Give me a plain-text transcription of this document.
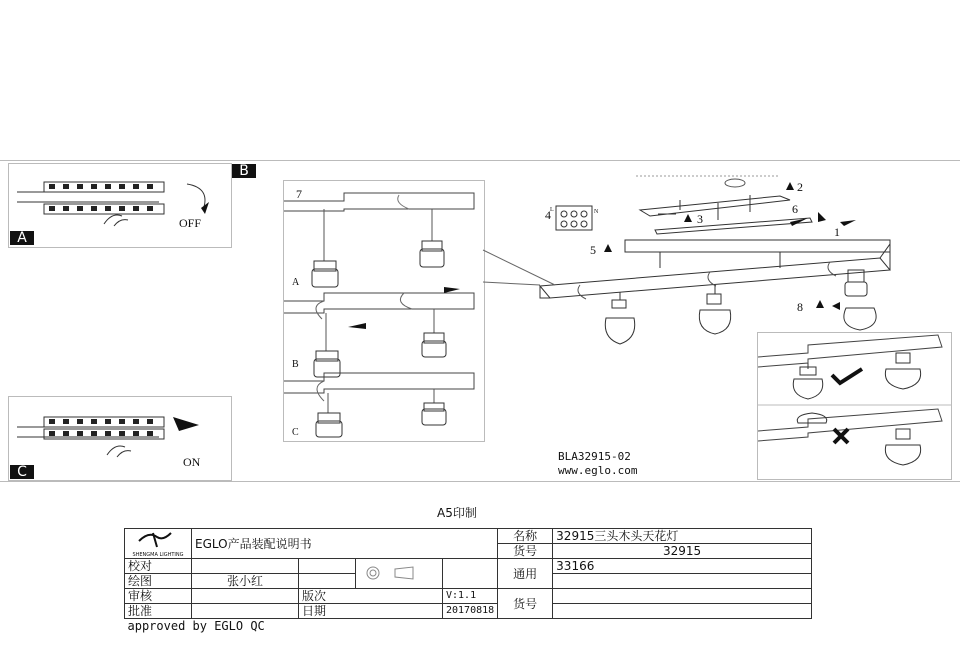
OFF
A
ON
C
B
7
A
B
C
2
3
4 L	N
5
6
1
8
BLA32915-02
www.eglo.com
A5印制
SHENGMA LIGHTING	EGLO产品装配说明书				名称	32915三头木头天花灯
					货号	32915
校对					通用	33166
绘图	张小红					
审核		版次		V:1.1	货号	
批准		日期		20170818		
approved by EGLO QC						
